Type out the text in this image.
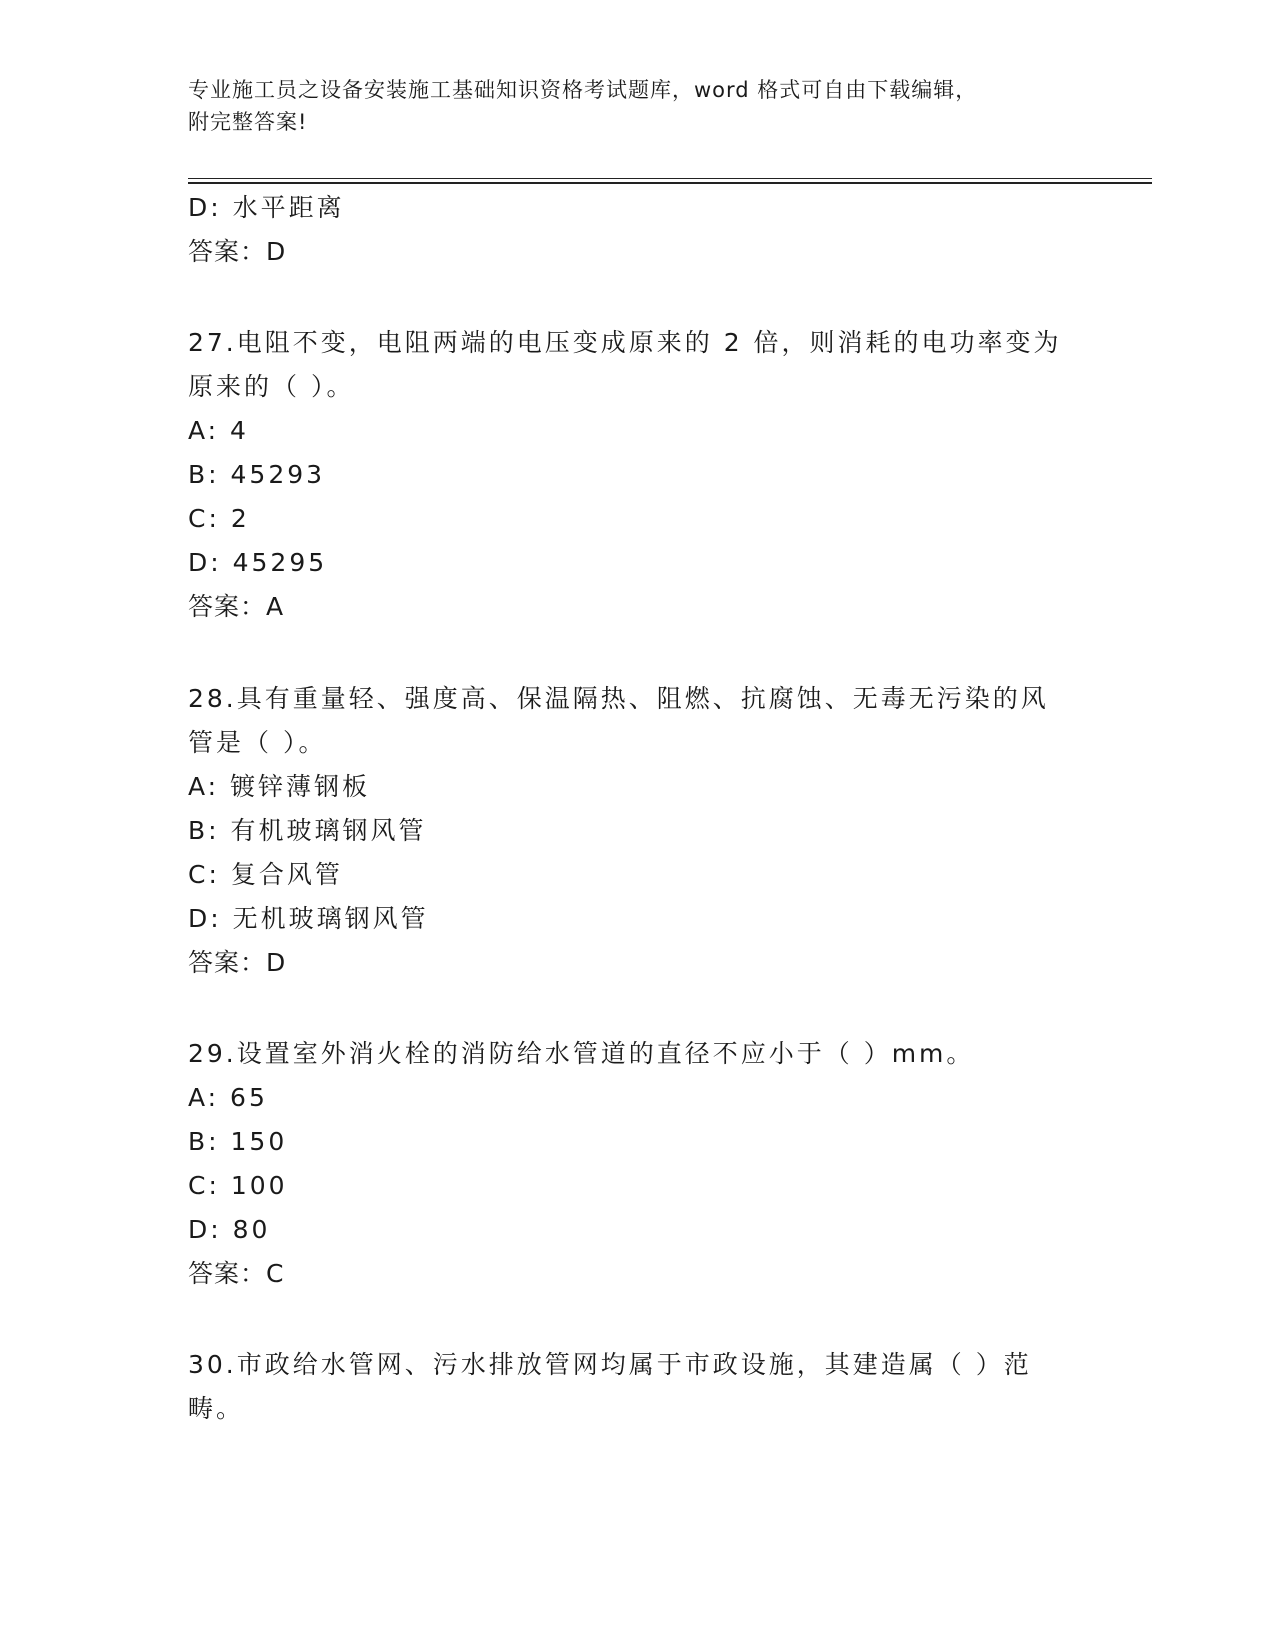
专业施工员之设备安装施工基础知识资格考试题库，word 格式可自由下载编辑，
附完整答案!
D: 水平距离
答案：D
27.电阻不变，电阻两端的电压变成原来的 2 倍，则消耗的电功率变为
原来的（ ）。
A: 4
B: 45293
C: 2
D: 45295
答案：A
28.具有重量轻、强度高、保温隔热、阻燃、抗腐蚀、无毒无污染的风
管是（ ）。
A: 镀锌薄钢板
B: 有机玻璃钢风管
C: 复合风管
D: 无机玻璃钢风管
答案：D
29.设置室外消火栓的消防给水管道的直径不应小于（ ）mm。
A: 65
B: 150
C: 100
D: 80
答案：C
30.市政给水管网、污水排放管网均属于市政设施，其建造属（ ）范
畴。
